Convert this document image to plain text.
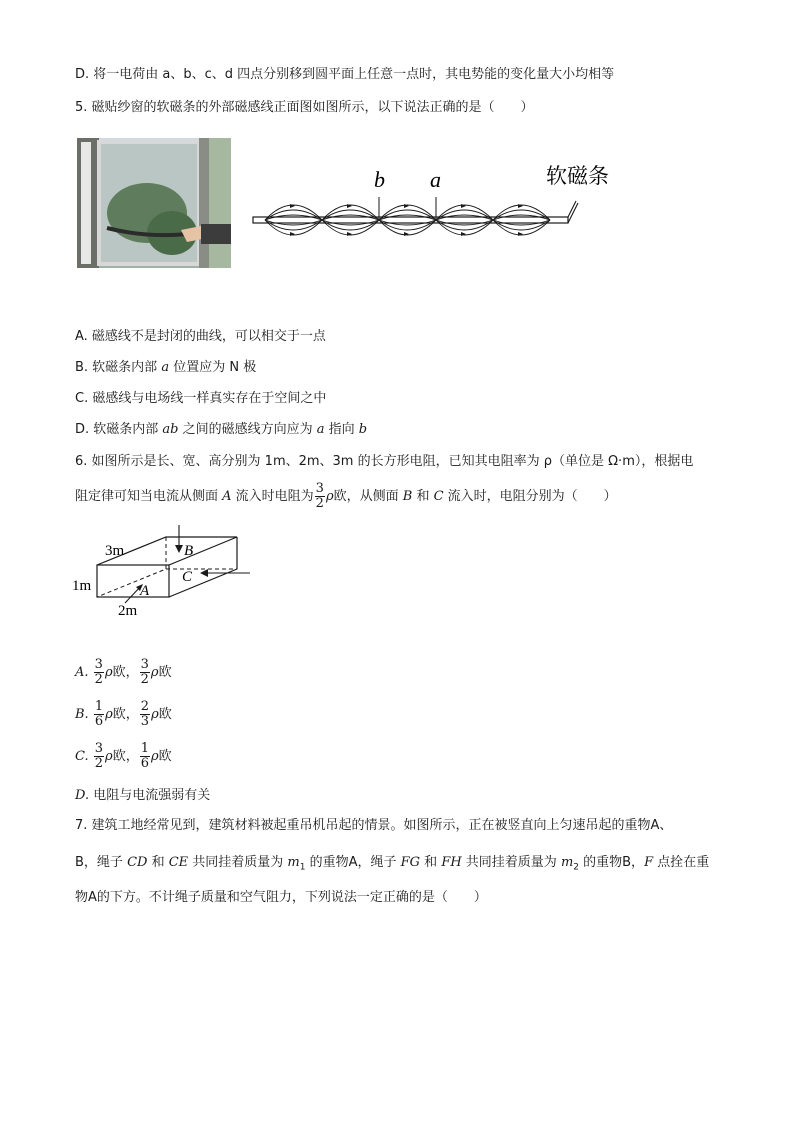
D. 将一电荷由 a、b、c、d 四点分别移到圆平面上任意一点时，其电势能的变化量大小均相等
5. 磁贴纱窗的软磁条的外部磁感线正面图如图所示，以下说法正确的是（　　）
b a	软磁条
A. 磁感线不是封闭的曲线，可以相交于一点
B. 软磁条内部 a 位置应为 N 极
C. 磁感线与电场线一样真实存在于空间之中
D. 软磁条内部 ab 之间的磁感线方向应为 a 指向 b
6. 如图所示是长、宽、高分别为 1m、2m、3m 的长方形电阻，已知其电阻率为 ρ（单位是 Ω·m），根据电
阻定律可知当电流从侧面 A 流入时电阻为 $\frac{3}{2}$ ρ欧，从侧面 B 和 C 流入时，电阻分别为（　　）
3m
1m
2m
B
C
A
A. $\frac{3}{2}$ ρ欧， $\frac{3}{2}$ ρ欧
B. $\frac{1}{6}$ ρ欧， $\frac{2}{3}$ ρ欧
C. $\frac{3}{2}$ ρ欧， $\frac{1}{6}$ ρ欧
D. 电阻与电流强弱有关
7. 建筑工地经常见到，建筑材料被起重吊机吊起的情景。如图所示，正在被竖直向上匀速吊起的重物A、
B，绳子 CD 和 CE 共同挂着质量为 $m_1$ 的重物A，绳子 FG 和 FH 共同挂着质量为 $m_2$ 的重物B，F 点拴在重
物A的下方。不计绳子质量和空气阻力，下列说法一定正确的是（　　）
